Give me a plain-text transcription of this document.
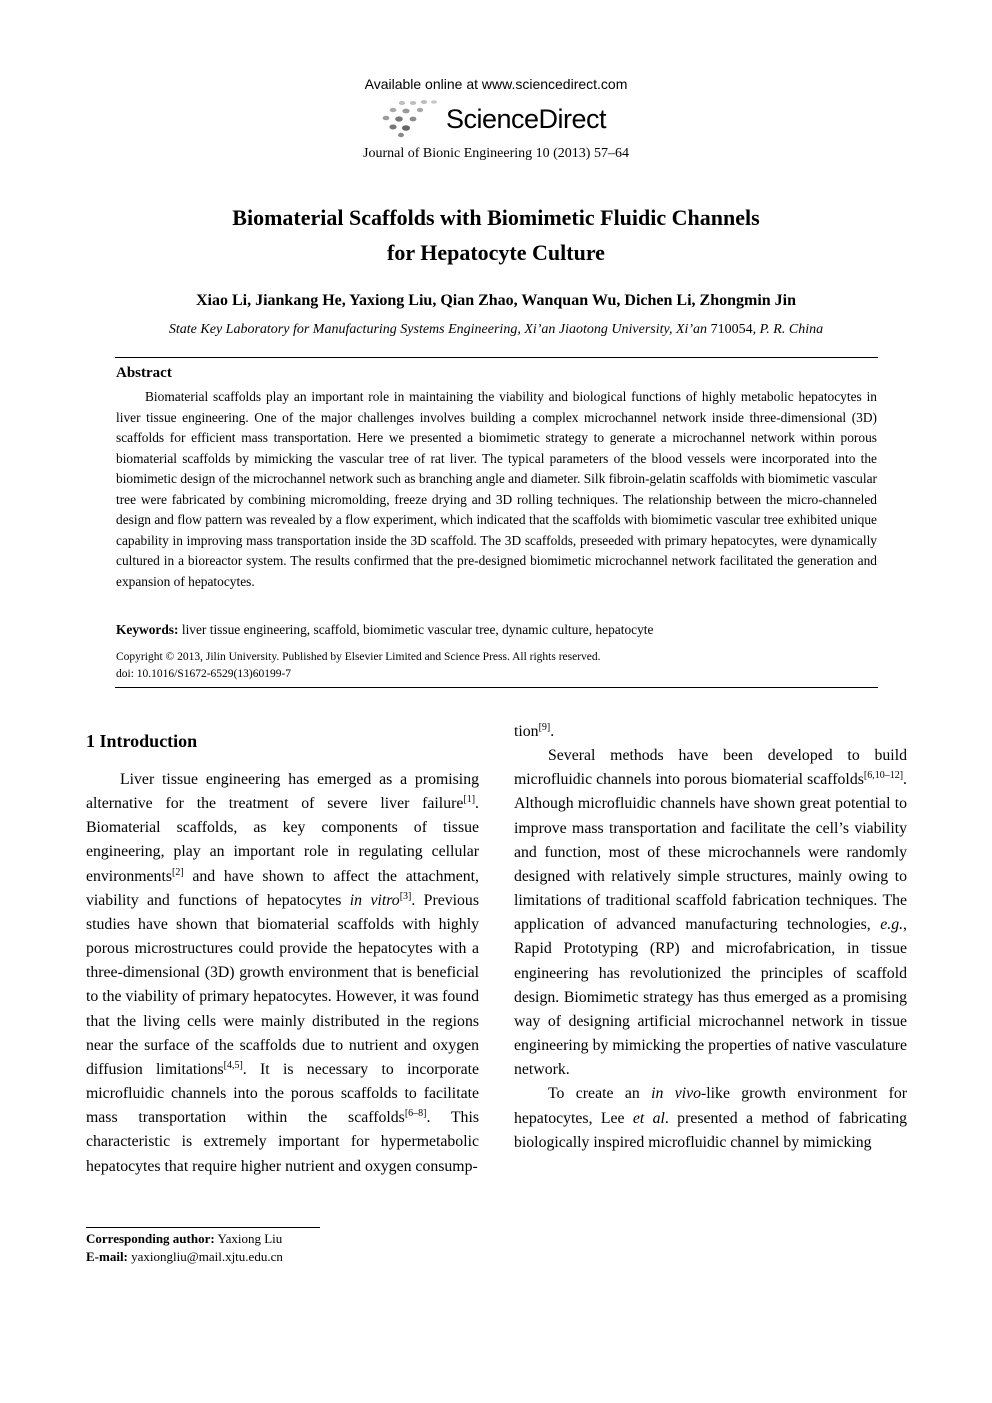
Available online at www.sciencedirect.com
ScienceDirect
Journal of Bionic Engineering 10 (2013) 57–64
Biomaterial Scaffolds with Biomimetic Fluidic Channels
for Hepatocyte Culture
Xiao Li, Jiankang He, Yaxiong Liu, Qian Zhao, Wanquan Wu, Dichen Li, Zhongmin Jin
State Key Laboratory for Manufacturing Systems Engineering, Xi’an Jiaotong University, Xi’an 710054, P. R. China
Abstract
Biomaterial scaffolds play an important role in maintaining the viability and biological functions of highly metabolic hepatocytes in liver tissue engineering. One of the major challenges involves building a complex microchannel network inside three-dimensional (3D) scaffolds for efficient mass transportation. Here we presented a biomimetic strategy to generate a microchannel network within porous biomaterial scaffolds by mimicking the vascular tree of rat liver. The typical parameters of the blood vessels were incorporated into the biomimetic design of the microchannel network such as branching angle and diameter. Silk fibroin-gelatin scaffolds with biomimetic vascular tree were fabricated by combining micromolding, freeze drying and 3D rolling techniques. The relationship between the micro-channeled design and flow pattern was revealed by a flow experiment, which indicated that the scaffolds with biomimetic vascular tree exhibited unique capability in improving mass transportation inside the 3D scaffold. The 3D scaffolds, preseeded with primary hepatocytes, were dynamically cultured in a bioreactor system. The results confirmed that the pre-designed biomimetic microchannel network facilitated the generation and expansion of hepatocytes.
Keywords: liver tissue engineering, scaffold, biomimetic vascular tree, dynamic culture, hepatocyte
Copyright © 2013, Jilin University. Published by Elsevier Limited and Science Press. All rights reserved.
doi: 10.1016/S1672-6529(13)60199-7
1 Introduction

Liver tissue engineering has emerged as a promising alternative for the treatment of severe liver failure[1]. Biomaterial scaffolds, as key components of tissue engineering, play an important role in regulating cellular environments[2] and have shown to affect the attachment, viability and functions of hepatocytes in vitro[3]. Previous studies have shown that biomaterial scaffolds with highly porous microstructures could provide the hepatocytes with a three-dimensional (3D) growth environment that is beneficial to the viability of primary hepatocytes. However, it was found that the living cells were mainly distributed in the regions near the surface of the scaffolds due to nutrient and oxygen diffusion limitations[4,5]. It is necessary to incorporate microfluidic channels into the porous scaffolds to facilitate mass transportation within the scaffolds[6–8]. This characteristic is extremely important for hypermetabolic hepatocytes that require higher nutrient and oxygen consump-

tion[9].

Several methods have been developed to build microfluidic channels into porous biomaterial scaffolds[6,10–12]. Although microfluidic channels have shown great potential to improve mass transportation and facilitate the cell’s viability and function, most of these microchannels were randomly designed with relatively simple structures, mainly owing to limitations of traditional scaffold fabrication techniques. The application of advanced manufacturing technologies, e.g., Rapid Prototyping (RP) and microfabrication, in tissue engineering has revolutionized the principles of scaffold design. Biomimetic strategy has thus emerged as a promising way of designing artificial microchannel network in tissue engineering by mimicking the properties of native vasculature network.

To create an in vivo-like growth environment for hepatocytes, Lee et al. presented a method of fabricating biologically inspired microfluidic channel by mimicking

Corresponding author: Yaxiong Liu
E-mail: yaxiongliu@mail.xjtu.edu.cn
